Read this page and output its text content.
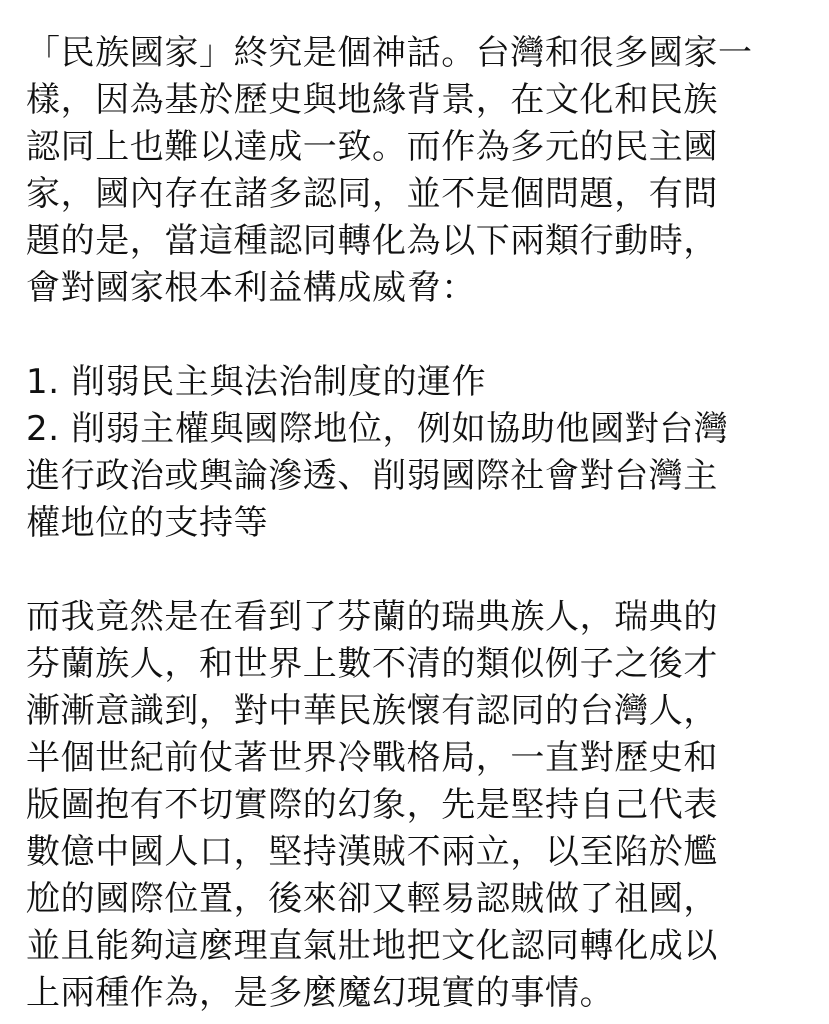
「民族國家」終究是個神話。台灣和很多國家一
樣，因為基於歷史與地緣背景，在文化和民族
認同上也難以達成一致。而作為多元的民主國
家，國內存在諸多認同，並不是個問題，有問
題的是，當這種認同轉化為以下兩類行動時，
會對國家根本利益構成威脅：
1. 削弱民主與法治制度的運作
2. 削弱主權與國際地位，例如協助他國對台灣
進行政治或輿論滲透、削弱國際社會對台灣主
權地位的支持等
而我竟然是在看到了芬蘭的瑞典族人，瑞典的
芬蘭族人，和世界上數不清的類似例子之後才
漸漸意識到，對中華民族懷有認同的台灣人，
半個世紀前仗著世界冷戰格局，一直對歷史和
版圖抱有不切實際的幻象，先是堅持自己代表
數億中國人口，堅持漢賊不兩立，以至陷於尷
尬的國際位置，後來卻又輕易認賊做了祖國，
並且能夠這麼理直氣壯地把文化認同轉化成以
上兩種作為，是多麼魔幻現實的事情。
